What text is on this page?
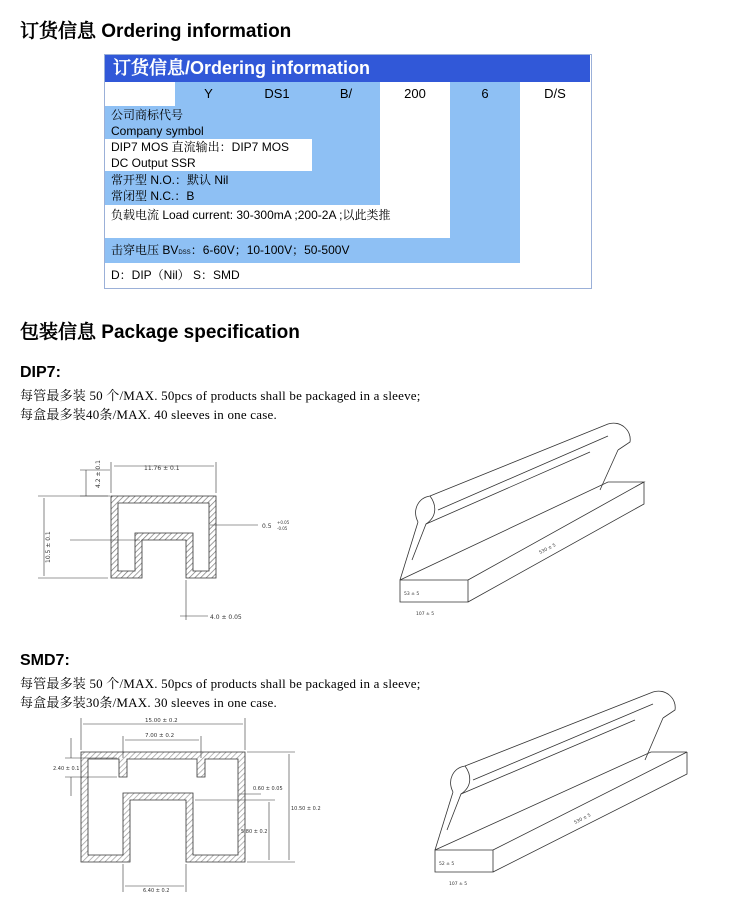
订货信息 Ordering information
订货信息/Ordering information
Y	DS1	B/	200	6	D/S
公司商标代号
Company symbol
DIP7 MOS 直流输出：DIP7 MOS
DC Output SSR
常开型 N.O.：默认 Nil
常闭型 N.C.：B
负载电流 Load current: 30-300mA ;200-2A ;以此类推
击穿电压 BVDSS：6-60V；10-100V；50-500V
D：DIP（Nil） S：SMD
包装信息 Package specification
DIP7:
每管最多装 50 个/MAX. 50pcs of products shall be packaged in a sleeve;
每盒最多装40条/MAX. 40 sleeves in one case.
11.76 ± 0.1
4.2 ± 0.1
10.5 ± 0.1
0.5
+0.05
-0.05
4.0 ± 0.05
53 ± 5
107 ± 5
530 ± 5
SMD7:
每管最多装 50 个/MAX. 50pcs of products shall be packaged in a sleeve;
每盒最多装30条/MAX. 30 sleeves in one case.
15.00 ± 0.2
7.00 ± 0.2
2.40 ± 0.1
0.60 ± 0.05
10.50 ± 0.2
5.80 ± 0.2
6.40 ± 0.2
52 ± 5
107 ± 5
530 ± 5
